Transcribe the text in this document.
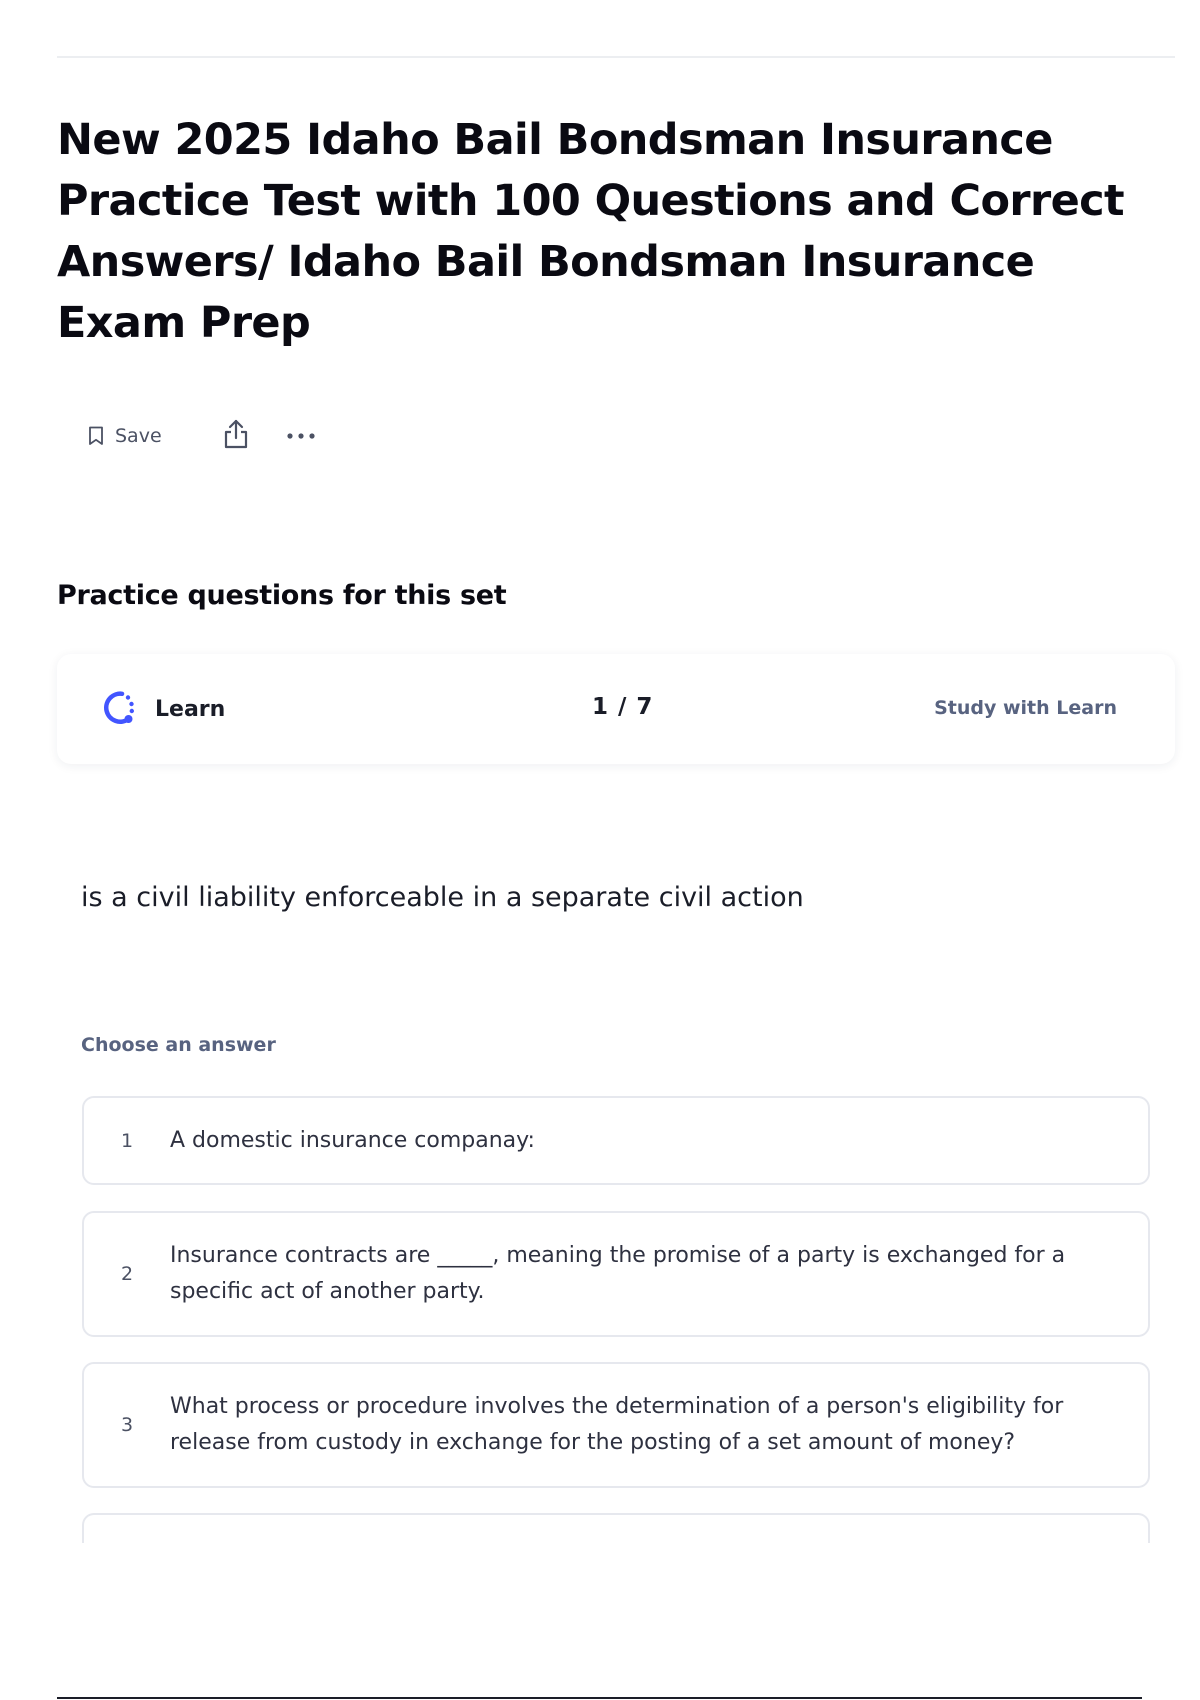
New 2025 Idaho Bail Bondsman Insurance Practice Test with 100 Questions and Correct Answers/ Idaho Bail Bondsman Insurance Exam Prep
Save
Practice questions for this set
Learn	1 / 7	Study with Learn
is a civil liability enforceable in a separate civil action
Choose an answer
1 A domestic insurance companay:
2
Insurance contracts are _____, meaning the promise of a party is exchanged for a specific act of another party.
3
What process or procedure involves the determination of a person's eligibility for release from custody in exchange for the posting of a set amount of money?
